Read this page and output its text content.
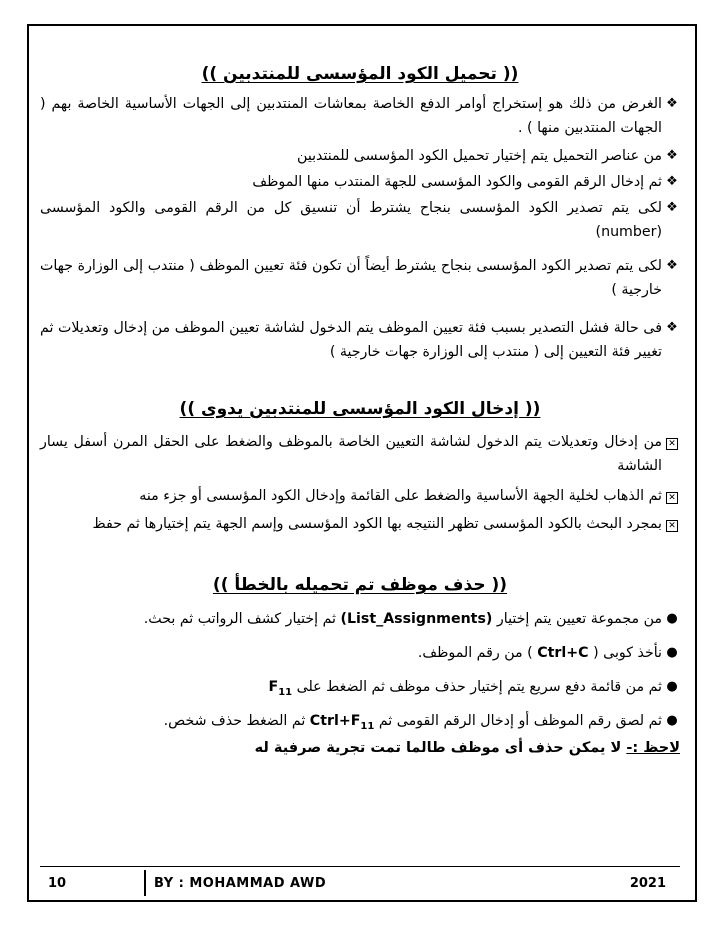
(( تحميل الكود المؤسسى للمنتدبين ))
❖
الغرض من ذلك هو إستخراج أوامر الدفع الخاصة بمعاشات المنتدبين إلى الجهات الأساسية الخاصة بهم ( الجهات المنتدبين منها ) .
❖
من عناصر التحميل يتم إختيار تحميل الكود المؤسسى للمنتدبين
❖
ثم إدخال الرقم القومى والكود المؤسسى للجهة المنتدب منها الموظف
❖
لكى يتم تصدير الكود المؤسسى بنجاح يشترط أن تنسيق كل من الرقم القومى والكود المؤسسى (number)
❖
لكى يتم تصدير الكود المؤسسى بنجاح يشترط أيضاً أن تكون فئة تعيين الموظف ( منتدب إلى الوزارة جهات خارجية )
❖
فى حالة فشل التصدير بسبب فئة تعيين الموظف يتم الدخول لشاشة تعيين الموظف من إدخال وتعديلات ثم تغيير فئة التعيين إلى ( منتدب إلى الوزارة جهات خارجية )
(( إدخال الكود المؤسسى للمنتدبين يدوى ))
✕
من إدخال وتعديلات يتم الدخول لشاشة التعيين الخاصة بالموظف والضغط على الحقل المرن أسفل يسار الشاشة
✕
ثم الذهاب لخلية الجهة الأساسية والضغط على القائمة وإدخال الكود المؤسسى أو جزء منه
✕
بمجرد البحث بالكود المؤسسى تظهر النتيجه بها الكود المؤسسى وإسم الجهة يتم إختيارها ثم حفظ
(( حذف موظف تم تحميله بالخطأ ))
●
من مجموعة تعيين يتم إختيار (List_Assignments) ثم إختيار كشف الرواتب ثم بحث.
●
نأخذ كوبى ( Ctrl+C ) من رقم الموظف.
●
ثم من قائمة دفع سريع يتم إختيار حذف موظف ثم الضغط على $F_{11}$
●
ثم لصق رقم الموظف أو إدخال الرقم القومى ثم $Ctrl+F_{11}$ ثم الضغط حذف شخص.
لاحظ :- لا يمكن حذف أى موظف طالما تمت تجرية صرفية له
10	BY : MOHAMMAD AWD	2021
